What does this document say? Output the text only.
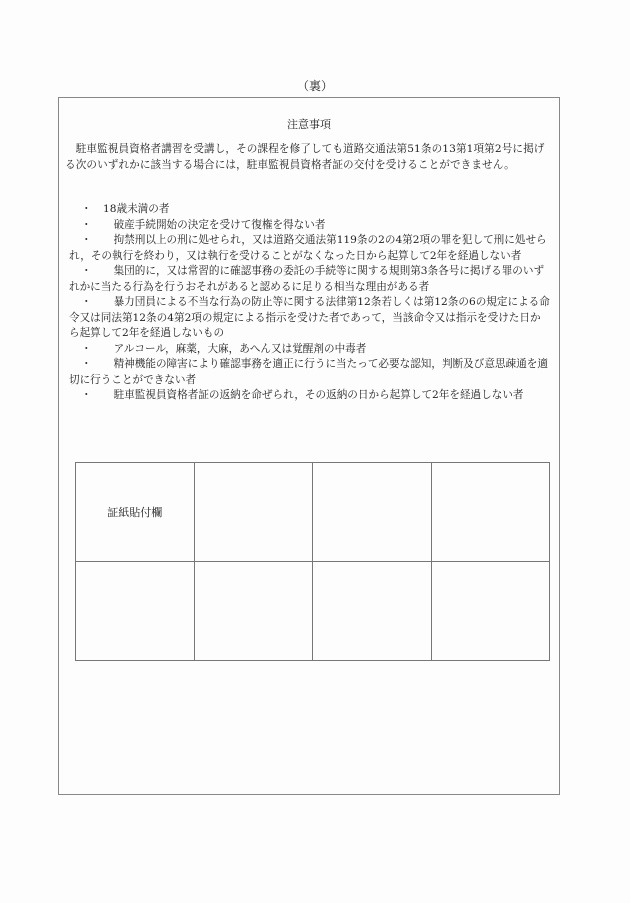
（裏）
注意事項
　駐車監視員資格者講習を受講し，その課程を修了しても道路交通法第51条の13第1項第2号に掲げる次のいずれかに該当する場合には，駐車監視員資格者証の交付を受けることができません。
・ 18歳未満の者
・　 破産手続開始の決定を受けて復権を得ない者
・　 拘禁刑以上の刑に処せられ，又は道路交通法第119条の2の4第2項の罪を犯して刑に処せられ，その執行を終わり，又は執行を受けることがなくなった日から起算して2年を経過しない者
・　 集団的に，又は常習的に確認事務の委託の手続等に関する規則第3条各号に掲げる罪のいずれかに当たる行為を行うおそれがあると認めるに足りる相当な理由がある者
・　 暴力団員による不当な行為の防止等に関する法律第12条若しくは第12条の6の規定による命令又は同法第12条の4第2項の規定による指示を受けた者であって，当該命令又は指示を受けた日から起算して2年を経過しないもの
・　 アルコール，麻薬，大麻，あへん又は覚醒剤の中毒者
・　 精神機能の障害により確認事務を適正に行うに当たって必要な認知，判断及び意思疎通を適切に行うことができない者
・　 駐車監視員資格者証の返納を命ぜられ，その返納の日から起算して2年を経過しない者
証紙貼付欄			
